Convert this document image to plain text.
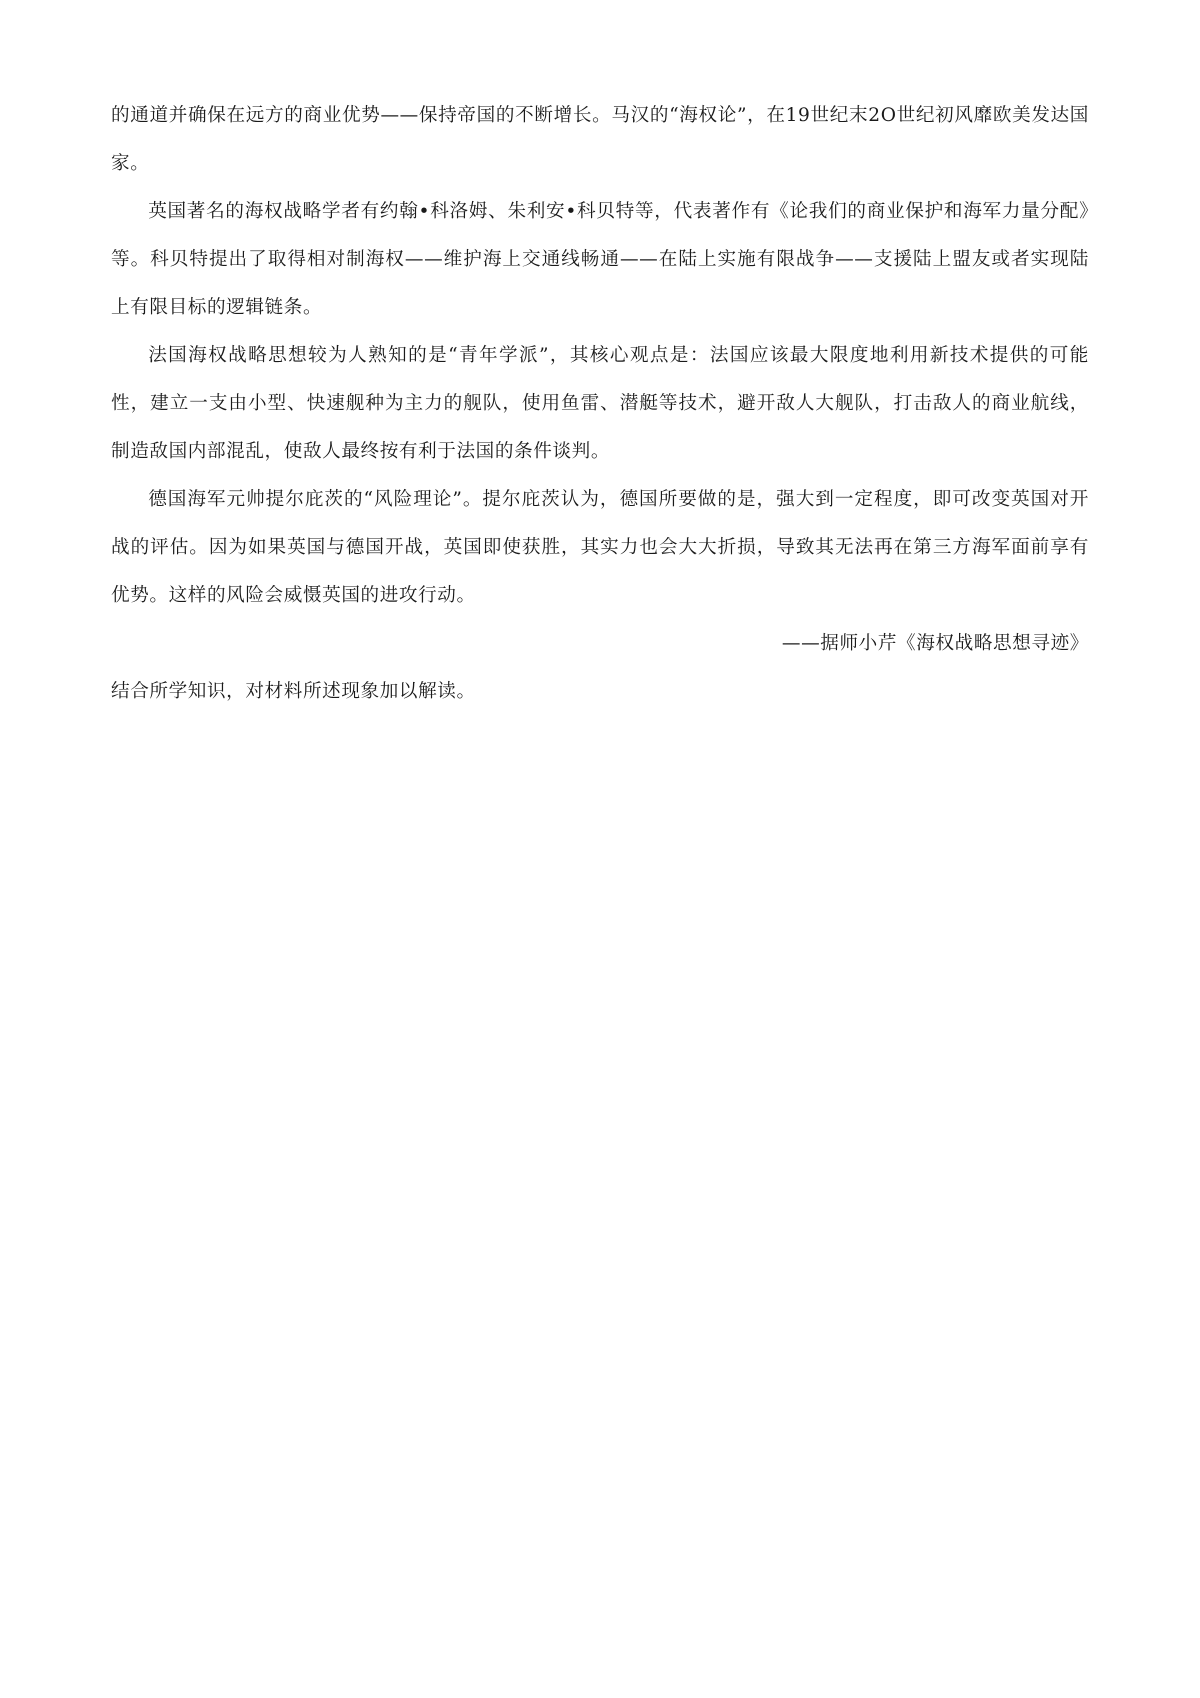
的通道并确保在远方的商业优势——保持帝国的不断增长。马汉的“海权论”，在19世纪末2O世纪初风靡欧美发达国家。

英国著名的海权战略学者有约翰•科洛姆、朱利安•科贝特等，代表著作有《论我们的商业保护和海军力量分配》等。科贝特提出了取得相对制海权——维护海上交通线畅通——在陆上实施有限战争——支援陆上盟友或者实现陆上有限目标的逻辑链条。

法国海权战略思想较为人熟知的是“青年学派”，其核心观点是：法国应该最大限度地利用新技术提供的可能性，建立一支由小型、快速舰种为主力的舰队，使用鱼雷、潜艇等技术，避开敌人大舰队，打击敌人的商业航线，制造敌国内部混乱，使敌人最终按有利于法国的条件谈判。

德国海军元帅提尔庇茨的“风险理论”。提尔庇茨认为，德国所要做的是，强大到一定程度，即可改变英国对开战的评估。因为如果英国与德国开战，英国即使获胜，其实力也会大大折损，导致其无法再在第三方海军面前享有优势。这样的风险会威慑英国的进攻行动。

——据师小芹《海权战略思想寻迹》

结合所学知识，对材料所述现象加以解读。
